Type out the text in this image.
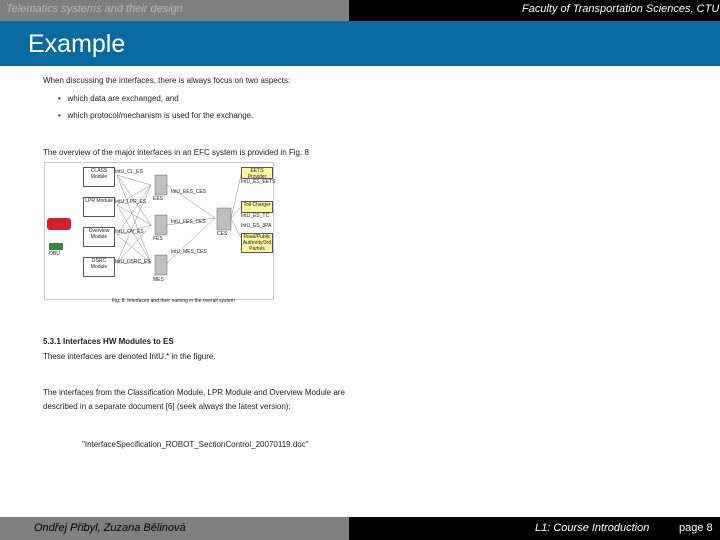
Telematics systems and their design	Faculty of Transportation Sciences, CTU
Example

When discussing the interfaces, there is always focus on two aspects:

•   which data are exchanged, and

•   which protocol/mechanism is used for the exchange.

The overview of the major interfaces in an EFC system is provided in Fig. 8

CLASS Module
LPR Module
Overview Module
DSRC Module
IntU_CL_ES
IntU_LPR_ES
IntU_OV_ES
IntU_DSRC_ES
EES
FES
MES
CES
OBU
IntU_EES_CES
IntU_FES_CES
IntU_MES_CES
EETS Provider
IntU_ES_EETS
Toll Charger
IntU_ES_TC
Road/Public Authority/3rd Parties
IntU_ES_3PA

Fig. 8: Interfaces and their naming in the overall system

5.3.1 Interfaces HW Modules to ES

These interfaces are denoted IntU.* in the figure.

The interfaces from the Classification Module, LPR Module and Overview Module are

described in a separate document [6] (seek always the latest version):

"InterfaceSpecification_ROBOT_SectionControl_20070119.doc"

Ondřej Přibyl, Zuzana Bělinová	L1: Course Introduction	page 8
